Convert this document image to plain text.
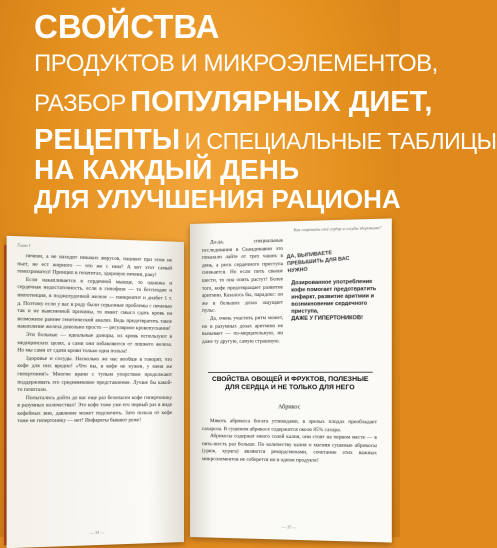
СВОЙСТВА
ПРОДУКТОВ И МИКРОЭЛЕМЕНТОВ,
РАЗБОР ПОПУЛЯРНЫХ ДИЕТ,
РЕЦЕПТЫ И СПЕЦИАЛЬНЫЕ ТАБЛИЦЫ
НА КАЖДЫЙ ДЕНЬ
ДЛЯ УЛУЧШЕНИЯ РАЦИОНА
Глава 1

печени, а не находит никаких вирусов, пациент при этом не пьет, не ест жирного — что же с ним? А вот этот самый гемохроматоз! Принцип в гепатитах, здоровую печени, раку!

Если накапливается в сердечной мышце, то одышка и сердечная недостаточность, если в гипофизе — то бесплодие и импотенция, в поджелудочной железе — панкреатит и диабет 1 т. д. Поэтому если у вас в роду были серьезные проблемы с печенью так и не выясненной причины, то имеет смысл сдать кровь на возможное раннее генетический анализ. Ведь предотвратить такое накопление железа довольно просто — регулярное кровопускание!

Эти больные — идеальные доноры, их кровь используют в медицинских целях, а сами они избавляются от лишнего железа. Но мы сами от сдачи крови только одна польза!

Здоровье и сосуды. Насколько же нас вообще в говорят, что кофе для них вредно! «Что вы, в кофе не нужен, у меня же гипертония!» Многие врачи с тупым упорством продолжают поддерживать это средневековое представление. Лучше бы какой-то почитали.

Попытались дойти до вас еще раз безопасен кофе гипертонику в разумных количествах! Это кофе тоже уже его первый раз в виде кофейных вин, давление может подскочить. Зато польза от кофе тоже не гипертонику — нет! Инфаркты бывают реже!

— 34 —
Как сохранить своё сердце и сосуды здоровыми?

Да-да, специальные исследования в Скандинавии это показали лайте от трех чашек в день, а риск сердечного приступа снижается. Но если пить свыше шести, то она опять растут! Более того, кофе предотвращает развитие аритмии. Казалось бы, парадокс: он же в больших дозах ощущает пульс.

Да, очень участить ритм может, но в разумных дозах аритмию не вызывает — по-мерцательную, ни даже ту другую, самую страшную.

ДА, ВЫПИВАЕТЕ ПРЕВЫШИТЬ ДЛЯ ВАС НУЖНО
Дозированное употребление кофе помогает предотвратить инфаркт, развитие аритмии и возникновение сердечного приступа,
ДАЖЕ У ГИПЕРТОНИКОВ!
СВОЙСТВА ОВОЩЕЙ И ФРУКТОВ, ПОЛЕЗНЫЕ ДЛЯ СЕРДЦА И НЕ ТОЛЬКО ДЛЯ НЕГО
Абрикос

Мякоть абрикоса богата углеводами, в зрелых плодах преобладает сахароза. В сушеном абрикосе содержится около 85% сахара.

Абрикосы содержат много солей калия, они стоят на первом месте — в пять-шесть раз больше. По количеству калия и магния сушеные абрикосы (урюк, курага) являются рекордсменами, сочетание этих важных микроэлементов не соберется ни в одном продукте!

— 35 —
